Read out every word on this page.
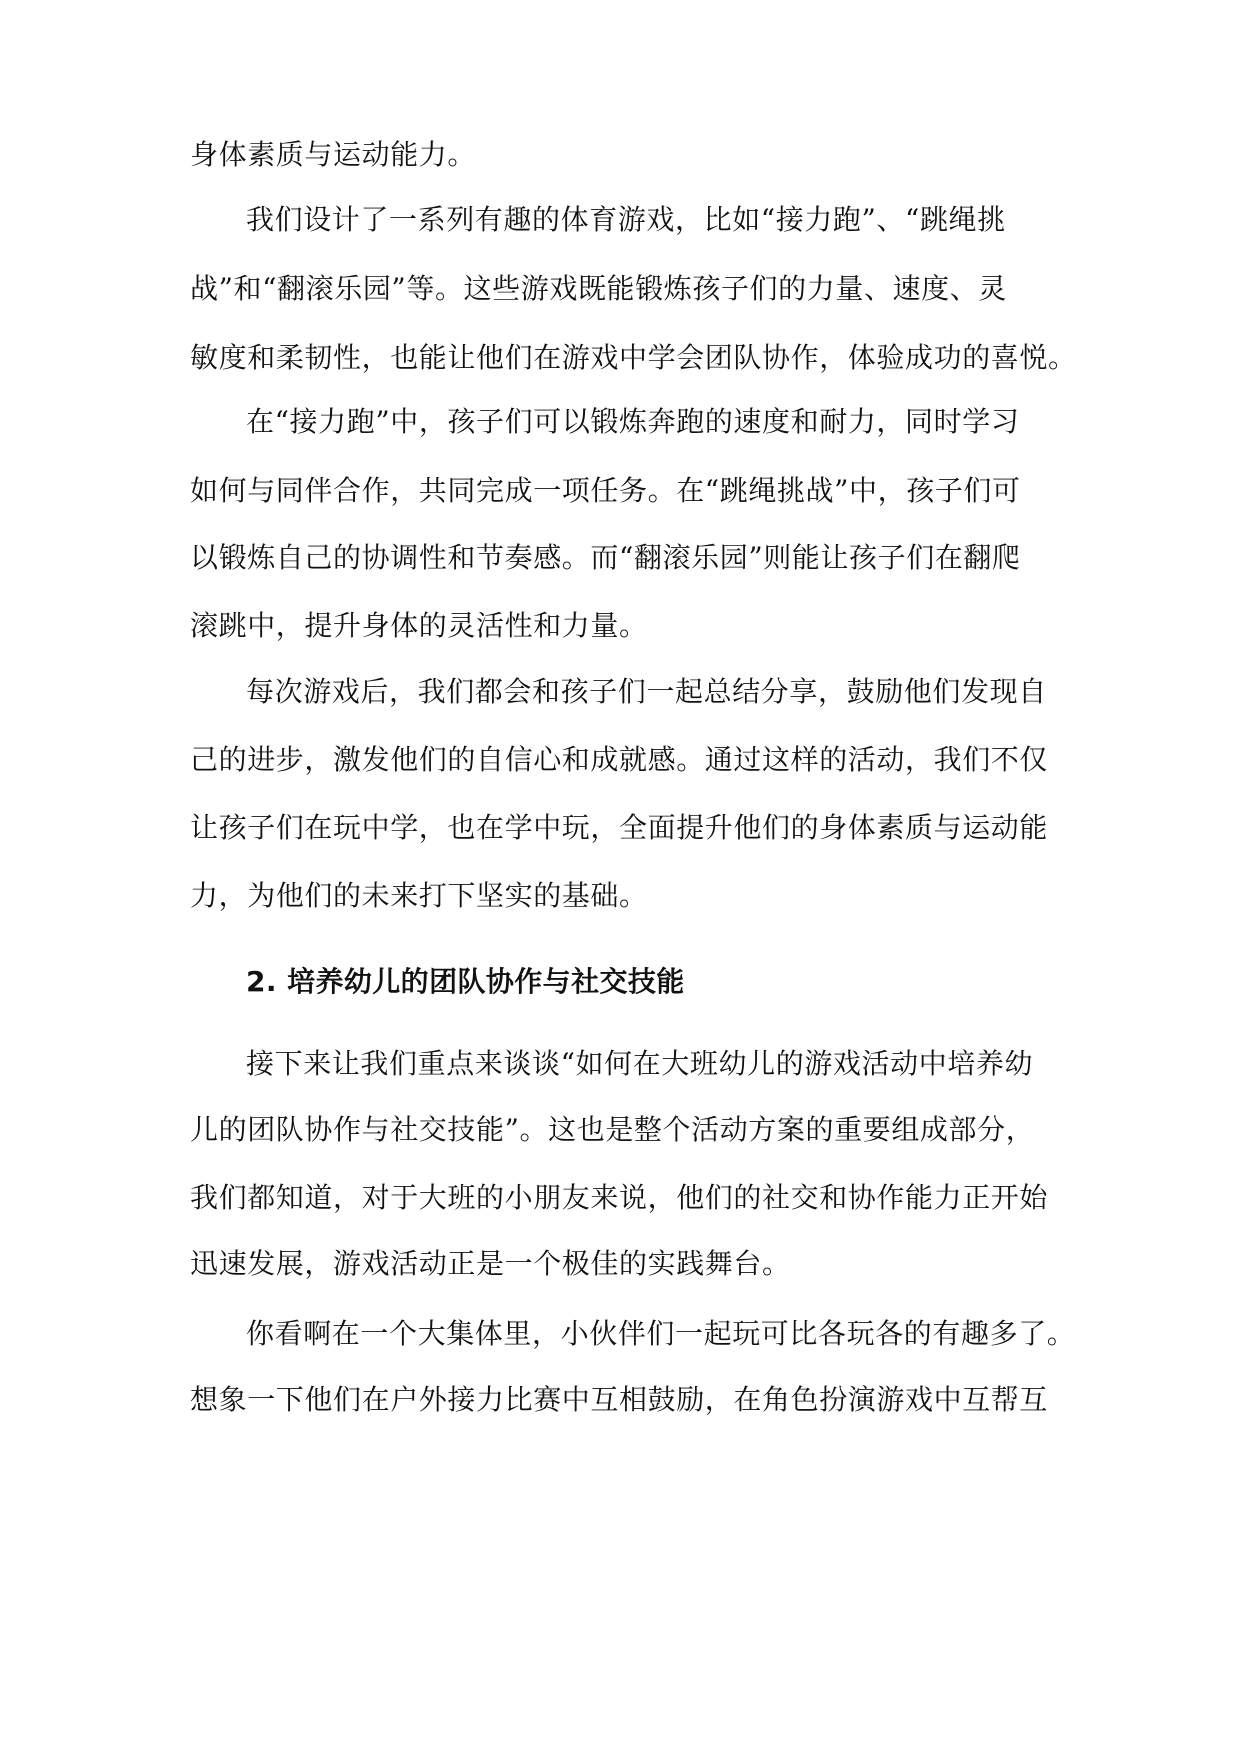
身体素质与运动能力。
我们设计了一系列有趣的体育游戏，比如“接力跑”、“跳绳挑
战”和“翻滚乐园”等。这些游戏既能锻炼孩子们的力量、速度、灵
敏度和柔韧性，也能让他们在游戏中学会团队协作，体验成功的喜悦。
在“接力跑”中，孩子们可以锻炼奔跑的速度和耐力，同时学习
如何与同伴合作，共同完成一项任务。在“跳绳挑战”中，孩子们可
以锻炼自己的协调性和节奏感。而“翻滚乐园”则能让孩子们在翻爬
滚跳中，提升身体的灵活性和力量。
每次游戏后，我们都会和孩子们一起总结分享，鼓励他们发现自
己的进步，激发他们的自信心和成就感。通过这样的活动，我们不仅
让孩子们在玩中学，也在学中玩，全面提升他们的身体素质与运动能
力，为他们的未来打下坚实的基础。
2. 培养幼儿的团队协作与社交技能
接下来让我们重点来谈谈“如何在大班幼儿的游戏活动中培养幼
儿的团队协作与社交技能”。这也是整个活动方案的重要组成部分，
我们都知道，对于大班的小朋友来说，他们的社交和协作能力正开始
迅速发展，游戏活动正是一个极佳的实践舞台。
你看啊在一个大集体里，小伙伴们一起玩可比各玩各的有趣多了。
想象一下他们在户外接力比赛中互相鼓励，在角色扮演游戏中互帮互
